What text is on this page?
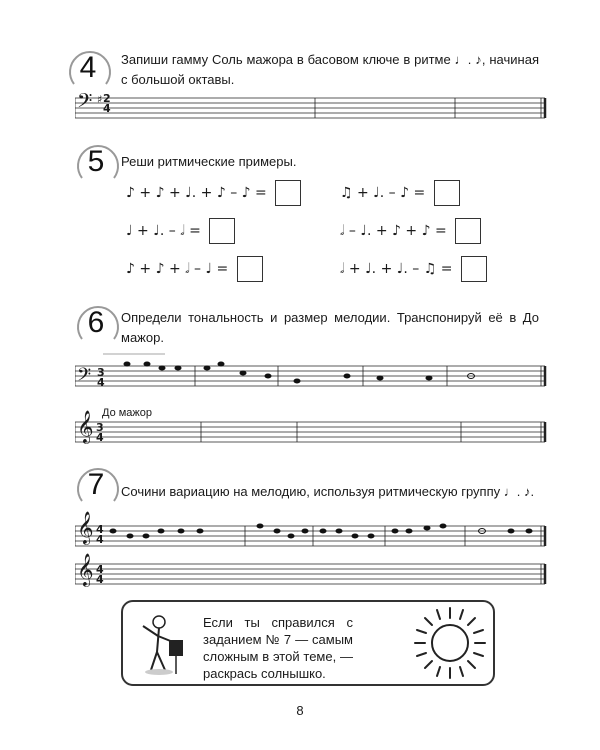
4	Запиши гамму Соль мажора в басовом ключе в ритме ♩. ♪, начиная с большой октавы.
𝄢 ♯ 2
4
5	Реши ритмические примеры.
♪ + ♪ + ♩. + ♪ – ♪ =	♫ + ♩. – ♪ =
♩ + ♩. – 𝅗𝅥 =	𝅗𝅥 – ♩. + ♪ + ♪ =
♪ + ♪ + 𝅗𝅥 – ♩ =	𝅗𝅥 + ♩. + ♩. – ♫ =
6	Определи тональность и размер мелодии. Транспонируй её в До мажор.
𝄢 3
4
До мажор
𝄞 3
4
7	Сочини вариацию на мелодию, используя ритмическую группу ♩. ♪.
𝄞 4
4
𝄞 4
4
Если ты справился с заданием № 7 — самым сложным в этой теме, — раскрась солнышко.
8
